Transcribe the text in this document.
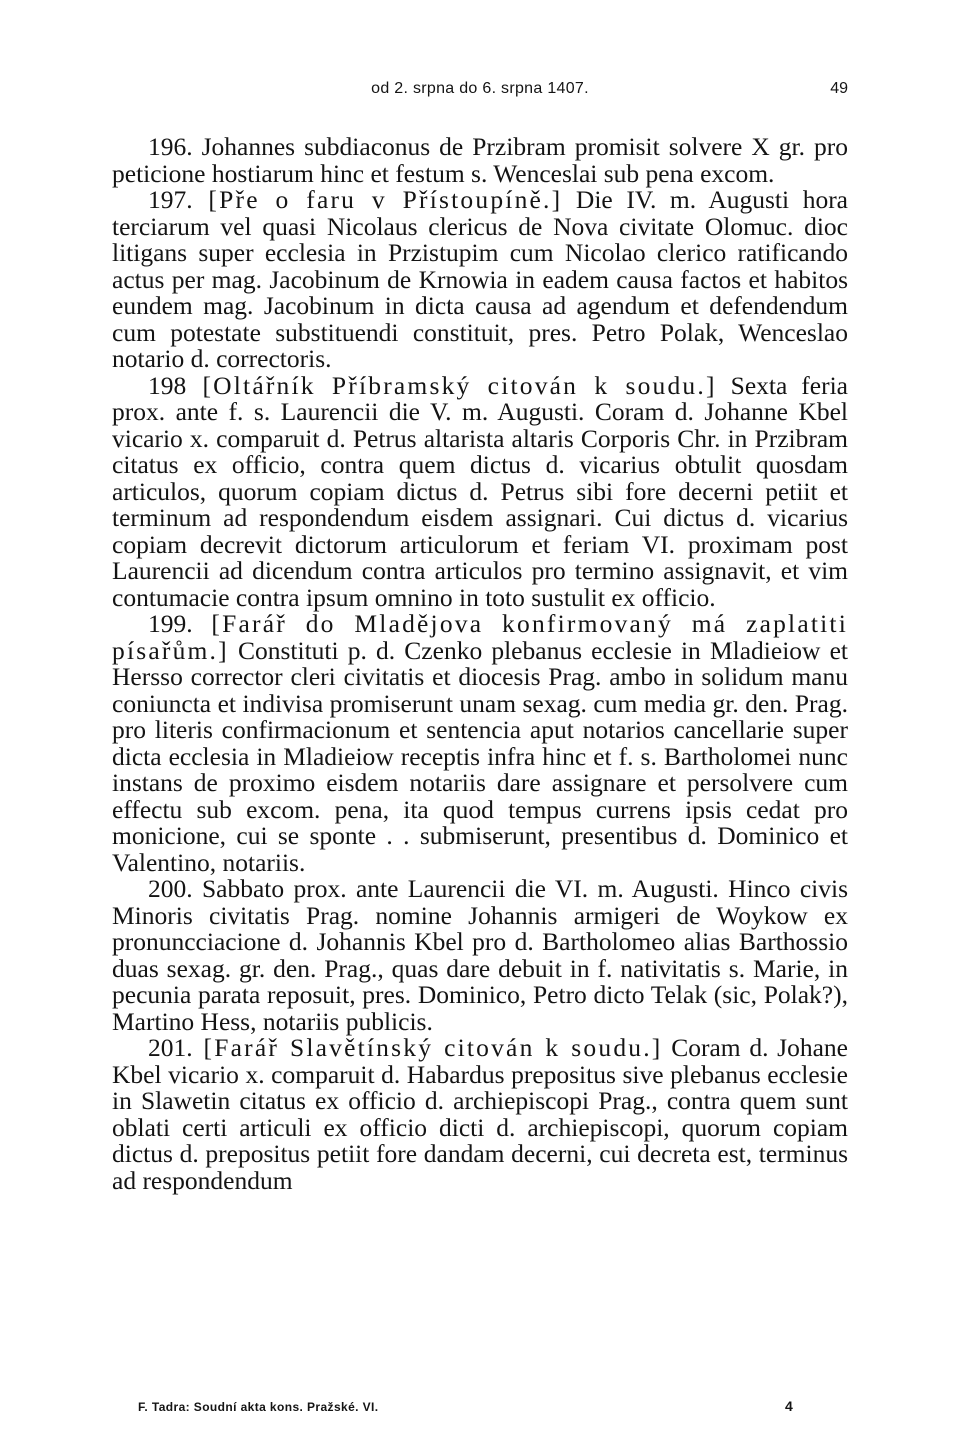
od 2. srpna do 6. srpna 1407.	49

196. Johannes subdiaconus de Przibram promisit solvere X gr. pro peticione hostiarum hinc et festum s. Wenceslai sub pena excom.

197. [Pře o faru v Přístoupíně.] Die IV. m. Augusti hora terciarum vel quasi Nicolaus clericus de Nova civitate Olomuc. dioc litigans super ecclesia in Przistupim cum Nicolao clerico ratificando actus per mag. Jacobinum de Krnowia in eadem causa factos et habitos eundem mag. Jacobinum in dicta causa ad agendum et defendendum cum potestate substituendi constituit, pres. Petro Polak, Wenceslao notario d. correctoris.

198 [Oltářník Příbramský citován k soudu.] Sexta feria prox. ante f. s. Laurencii die V. m. Augusti. Coram d. Johanne Kbel vicario x. comparuit d. Petrus altarista altaris Corporis Chr. in Przibram citatus ex officio, contra quem dictus d. vicarius obtulit quosdam articulos, quorum copiam dictus d. Petrus sibi fore decerni petiit et terminum ad respondendum eisdem assignari. Cui dictus d. vicarius copiam decrevit dictorum articulorum et feriam VI. proximam post Laurencii ad dicendum contra articulos pro termino assignavit, et vim contumacie contra ipsum omnino in toto sustulit ex officio.

199. [Farář do Mladějova konfirmovaný má zaplatiti písařům.] Constituti p. d. Czenko plebanus ecclesie in Mladieiow et Hersso corrector cleri civitatis et diocesis Prag. ambo in solidum manu coniuncta et indivisa promiserunt unam sexag. cum media gr. den. Prag. pro literis confirmacionum et sentencia aput notarios cancellarie super dicta ecclesia in Mladieiow receptis infra hinc et f. s. Bartholomei nunc instans de proximo eisdem notariis dare assignare et persolvere cum effectu sub excom. pena, ita quod tempus currens ipsis cedat pro monicione, cui se sponte . . submiserunt, presentibus d. Dominico et Valentino, notariis.

200. Sabbato prox. ante Laurencii die VI. m. Augusti. Hinco civis Minoris civitatis Prag. nomine Johannis armigeri de Woykow ex pronuncciacione d. Johannis Kbel pro d. Bartholomeo alias Barthossio duas sexag. gr. den. Prag., quas dare debuit in f. nativitatis s. Marie, in pecunia parata reposuit, pres. Dominico, Petro dicto Telak (sic, Polak?), Martino Hess, notariis publicis.

201. [Farář Slavětínský citován k soudu.] Coram d. Johane Kbel vicario x. comparuit d. Habardus prepositus sive plebanus ecclesie in Slawetin citatus ex officio d. archiepiscopi Prag., contra quem sunt oblati certi articuli ex officio dicti d. archiepiscopi, quorum copiam dictus d. prepositus petiit fore dandam decerni, cui decreta est, terminus ad respondendum

F. Tadra: Soudní akta kons. Pražské. VI.	4
